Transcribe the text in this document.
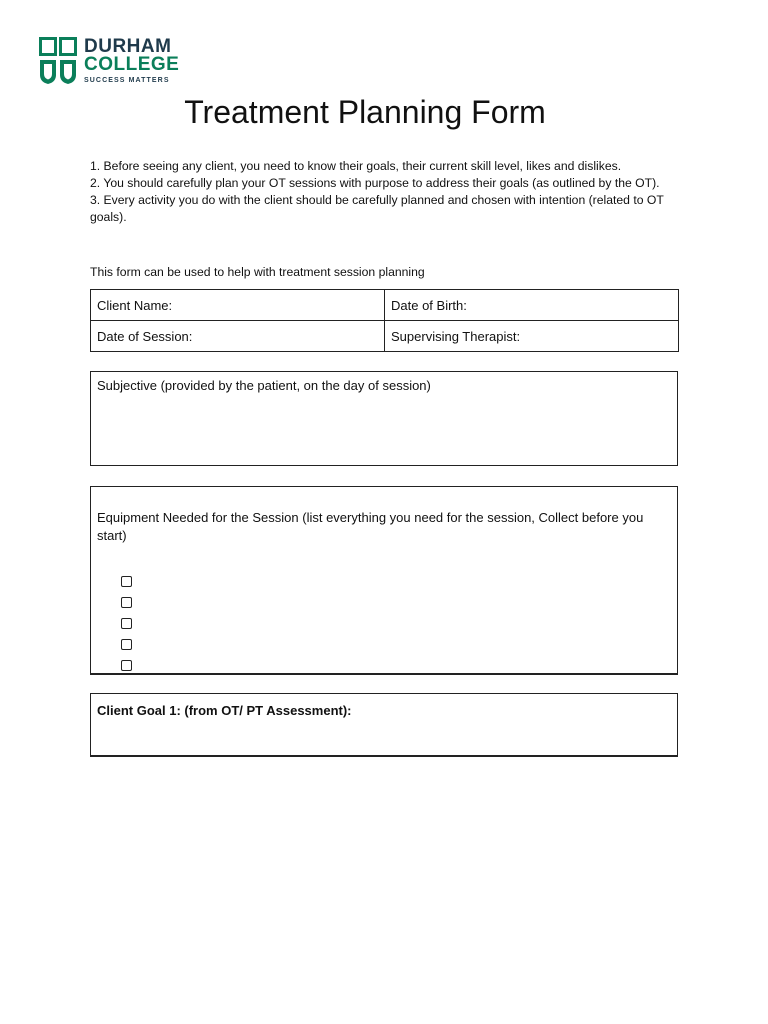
DURHAM
COLLEGE
SUCCESS MATTERS
Treatment Planning Form

1. Before seeing any client, you need to know their goals, their current skill level, likes and dislikes.

2. You should carefully plan your OT sessions with purpose to address their goals (as outlined by the OT).

3. Every activity you do with the client should be carefully planned and chosen with intention (related to OT goals).

This form can be used to help with treatment session planning
Client Name:	Date of Birth:
Date of Session:	Supervising Therapist:
Subjective (provided by the patient, on the day of session)
Equipment Needed for the Session (list everything you need for the session, Collect before you start)
Client Goal 1: (from OT/ PT Assessment):
